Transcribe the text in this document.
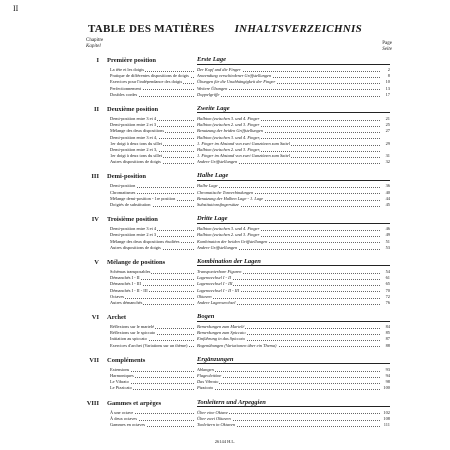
II
TABLE DES MATIÈRES INHALTSVERZEICHNIS
Chapitre
Kapitel
Page
Seite
I Première position	Erste Lage
La tête et les doigts	Der Kopf und die Finger	2
Pratique de différentes dispositions de doigts	Anwendung verschiedener Griffstellungen	8
Exercices pour l'indépendance des doigts	Übungen für die Unabhängigkeit der Finger	10
Perfectionnement	Weitere Übungen	13
Doubles cordes	Doppelgriffe	17
II Deuxième position	Zweite Lage
Demi-position entre 3 et 4	Halbton (zwischen 3. und 4. Finger	21
Demi-position entre 2 et 3	Halbton (zwischen 2. und 3. Finger	25
Mélange des deux dispositions	Benutzung der beiden Griffstellungen	27
Demi-position entre 3 et 4,	Halbton (zwischen 3. und 4. Finger,
1er doigt à deux tons du sillet	1. Finger im Abstand von zwei Ganztönen zum Sattel	29
Demi-position entre 2 et 3,	Halbton (zwischen 2. und 3. Finger,
1er doigt à deux tons du sillet	1. Finger im Abstand von zwei Ganztönen zum Sattel	31
Autres dispositions de doigts	Andere Griffstellungen	32
III Demi-position	Halbe Lage
Demi-position	Halbe Lage	36
Chromatismes	Chromatische Tonverbindungen	40
Mélange demi-position - 1re position	Benutzung der Halben Lage - 1. Lage	44
Doigtés de substitution	Substitutionsfingersätze	45
IV Troisième position	Dritte Lage
Demi-position entre 3 et 4	Halbton (zwischen 3. und 4. Finger	46
Demi-position entre 2 et 3	Halbton (zwischen 2. und 3. Finger	49
Mélange des deux dispositions étudiées	Kombination der beiden Griffstellungen	51
Autres dispositions de doigts	Andere Griffstellungen	53
V Mélange de positions	Kombination der Lagen
Schémas transposables	Transponierbare Figuren	54
Démanchés I - II	Lagenwechsel I - II	61
Démanchés I - III	Lagenwechsel I - III	65
Démanchés I - II - III	Lagenwechsel I - II - III	70
Octaves	Oktaven	72
Autres démanchés	Andere Lagenwechsel	76
VI Archet	Bogen
Réflexions sur le martelé	Bemerkungen zum Martelé	84
Réflexions sur le spiccato	Bemerkungen zum Spiccato	85
Initiation au spiccato	Einführung in das Spiccato	87
Exercices d'archet (Variations sur un thème)	Bogenübungen (Variationen über ein Thema)	88
VII Compléments	Ergänzungen
Extensions	Ablangen	93
Harmoniques	Flageolettöne	94
Le Vibrato	Das Vibrato	98
Le Pizzicato	Pizzicato	100
VIII Gammes et arpèges	Tonleitern und Arpeggien
À une octave	Über eine Oktave	102
À deux octaves	Über zwei Oktaven	108
Gammes en octaves	Tonleitern in Oktaven	111
26144 H.L.
